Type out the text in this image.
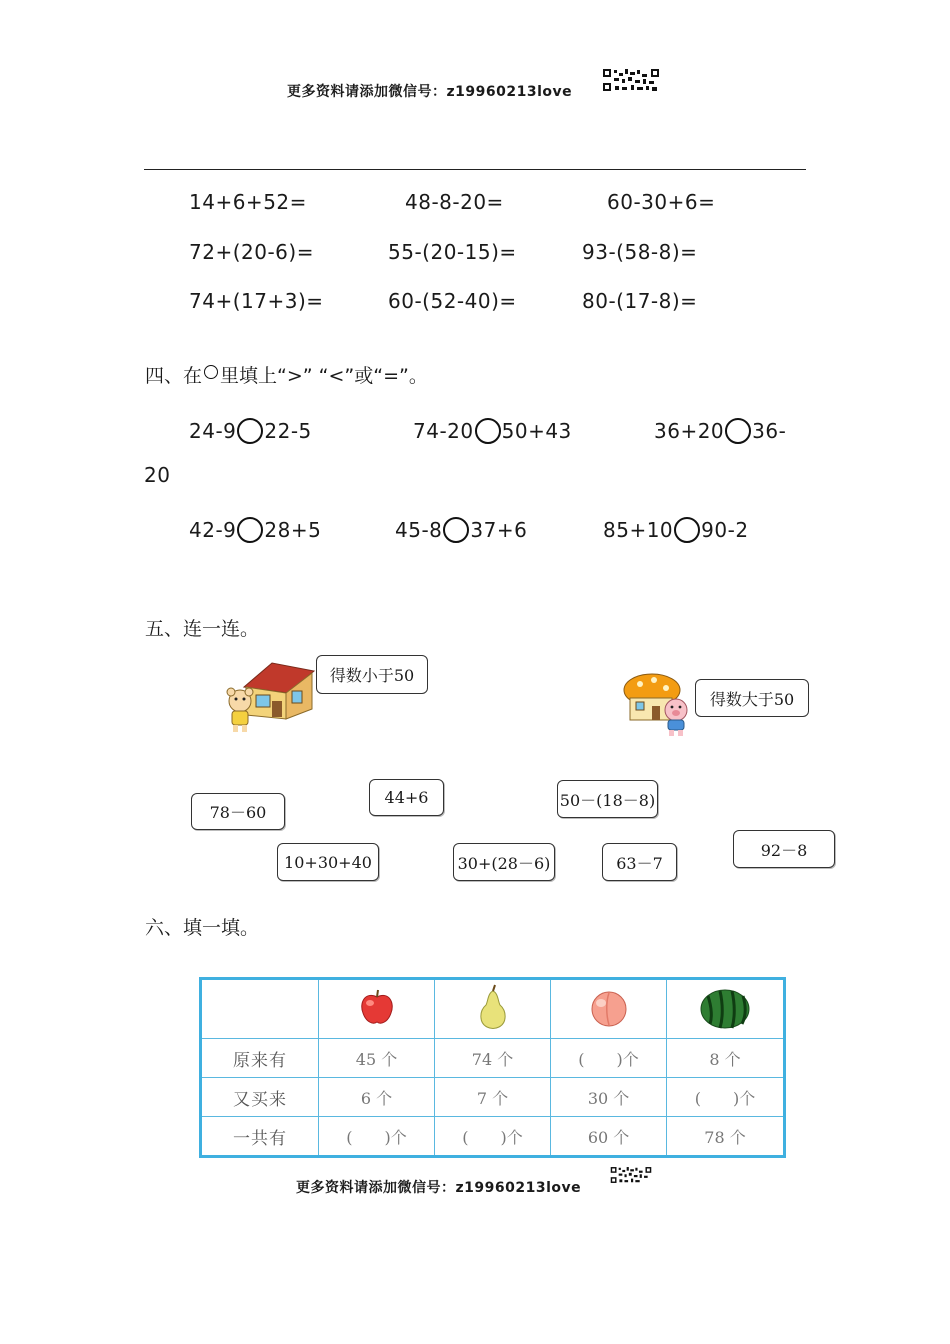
更多资料请添加微信号：z19960213love
14+6+52=	48-8-20=	60-30+6=
72+(20-6)=	55-(20-15)=	93-(58-8)=
74+(17+3)=	60-(52-40)=	80-(17-8)=
四、在 里填上“>” “<”或“=”。
24-9 22-5	74-20 50+43	36+20 36-
20
42-9 28+5	45-8 37+6	85+10 90-2
五、连一连。
得数小于50
得数大于50
78－60
44+6	50－(18－8)
92－8
10+30+40	30+(28－6)	63－7
六、填一填。

原来有	45 个	74 个	(　　)个	8 个
又买来	6 个	7 个	30 个	(　　)个
一共有	(　　)个	(　　)个	60 个	78 个
更多资料请添加微信号：z19960213love
